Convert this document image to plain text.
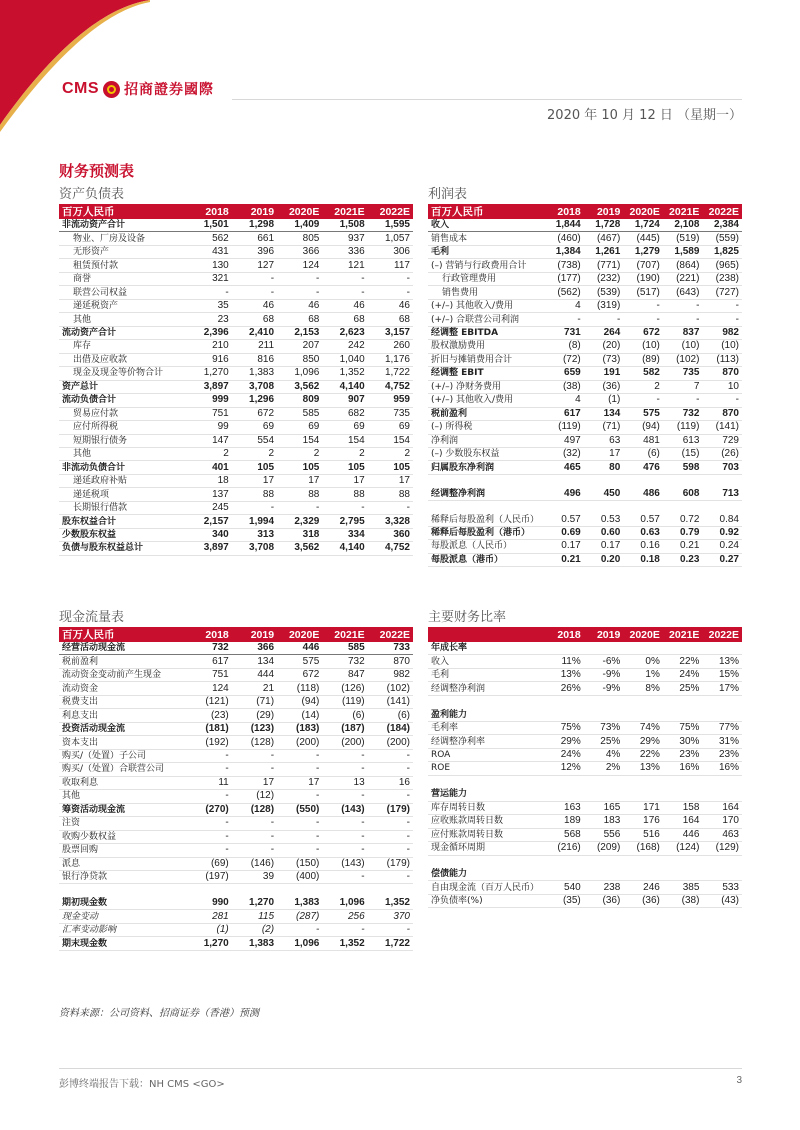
CMS 招商證券國際
2020 年 10 月 12 日 （星期一）
财务预测表
资产负债表
百万人民币	2018	2019	2020E	2021E	2022E
非流动资产合计	1,501	1,298	1,409	1,508	1,595
物业、厂房及设备	562	661	805	937	1,057
无形资产	431	396	366	336	306
租赁预付款	130	127	124	121	117
商誉	321	-	-	-	-
联营公司权益	-	-	-	-	-
递延税资产	35	46	46	46	46
其他	23	68	68	68	68
流动资产合计	2,396	2,410	2,153	2,623	3,157
库存	210	211	207	242	260
出借及应收款	916	816	850	1,040	1,176
现金及现金等价物合计	1,270	1,383	1,096	1,352	1,722
资产总计	3,897	3,708	3,562	4,140	4,752
流动负债合计	999	1,296	809	907	959
贸易应付款	751	672	585	682	735
应付所得税	99	69	69	69	69
短期银行债务	147	554	154	154	154
其他	2	2	2	2	2
非流动负债合计	401	105	105	105	105
递延政府补贴	18	17	17	17	17
递延税项	137	88	88	88	88
长期银行借款	245	-	-	-	-
股东权益合计	2,157	1,994	2,329	2,795	3,328
少数股东权益	340	313	318	334	360
负债与股东权益总计	3,897	3,708	3,562	4,140	4,752
利润表
百万人民币	2018	2019	2020E	2021E	2022E
收入	1,844	1,728	1,724	2,108	2,384
销售成本	(460)	(467)	(445)	(519)	(559)
毛利	1,384	1,261	1,279	1,589	1,825
(–) 营销与行政费用合计	(738)	(771)	(707)	(864)	(965)
行政管理费用	(177)	(232)	(190)	(221)	(238)
销售费用	(562)	(539)	(517)	(643)	(727)
(+/–) 其他收入/费用	4	(319)	-	-	-
(+/–) 合联营公司利润	-	-	-	-	-
经调整 EBITDA	731	264	672	837	982
股权激励费用	(8)	(20)	(10)	(10)	(10)
折旧与摊销费用合计	(72)	(73)	(89)	(102)	(113)
经调整 EBIT	659	191	582	735	870
(+/–) 净财务费用	(38)	(36)	2	7	10
(+/–) 其他收入/费用	4	(1)	-	-	-
税前盈利	617	134	575	732	870
(–) 所得税	(119)	(71)	(94)	(119)	(141)
净利润	497	63	481	613	729
(–) 少数股东权益	(32)	17	(6)	(15)	(26)
归属股东净利润	465	80	476	598	703

经调整净利润	496	450	486	608	713

稀释后每股盈利（人民币）	0.57	0.53	0.57	0.72	0.84
稀释后每股盈利（港币）	0.69	0.60	0.63	0.79	0.92
每股派息（人民币）	0.17	0.17	0.16	0.21	0.24
每股派息（港币）	0.21	0.20	0.18	0.23	0.27
现金流量表
百万人民币	2018	2019	2020E	2021E	2022E
经营活动现金流	732	366	446	585	733
税前盈利	617	134	575	732	870
流动资金变动前产生现金	751	444	672	847	982
流动资金	124	21	(118)	(126)	(102)
税费支出	(121)	(71)	(94)	(119)	(141)
利息支出	(23)	(29)	(14)	(6)	(6)
投资活动现金流	(181)	(123)	(183)	(187)	(184)
资本支出	(192)	(128)	(200)	(200)	(200)
购买/（处置）子公司	-	-	-	-	-
购买/（处置）合联营公司	-	-	-	-	-
收取利息	11	17	17	13	16
其他	-	(12)	-	-	-
筹资活动现金流	(270)	(128)	(550)	(143)	(179)
注资	-	-	-	-	-
收购少数权益	-	-	-	-	-
股票回购	-	-	-	-	-
派息	(69)	(146)	(150)	(143)	(179)
银行净贷款	(197)	39	(400)	-	-

期初现金数	990	1,270	1,383	1,096	1,352
现金变动	281	115	(287)	256	370
汇率变动影响	(1)	(2)	-	-	-
期末现金数	1,270	1,383	1,096	1,352	1,722
主要财务比率
	2018	2019	2020E	2021E	2022E
年成长率					
收入	11%	-6%	0%	22%	13%
毛利	13%	-9%	1%	24%	15%
经调整净利润	26%	-9%	8%	25%	17%

盈利能力					
毛利率	75%	73%	74%	75%	77%
经调整净利率	29%	25%	29%	30%	31%
ROA	24%	4%	22%	23%	23%
ROE	12%	2%	13%	16%	16%

营运能力					
库存周转日数	163	165	171	158	164
应收账款周转日数	189	183	176	164	170
应付账款周转日数	568	556	516	446	463
现金循环周期	(216)	(209)	(168)	(124)	(129)

偿债能力					
自由现金流（百万人民币）	540	238	246	385	533
净负债率(%)	(35)	(36)	(36)	(38)	(43)
资料来源：公司资料、招商证券（香港）预测
彭博终端报告下载：NH CMS <GO>	3
